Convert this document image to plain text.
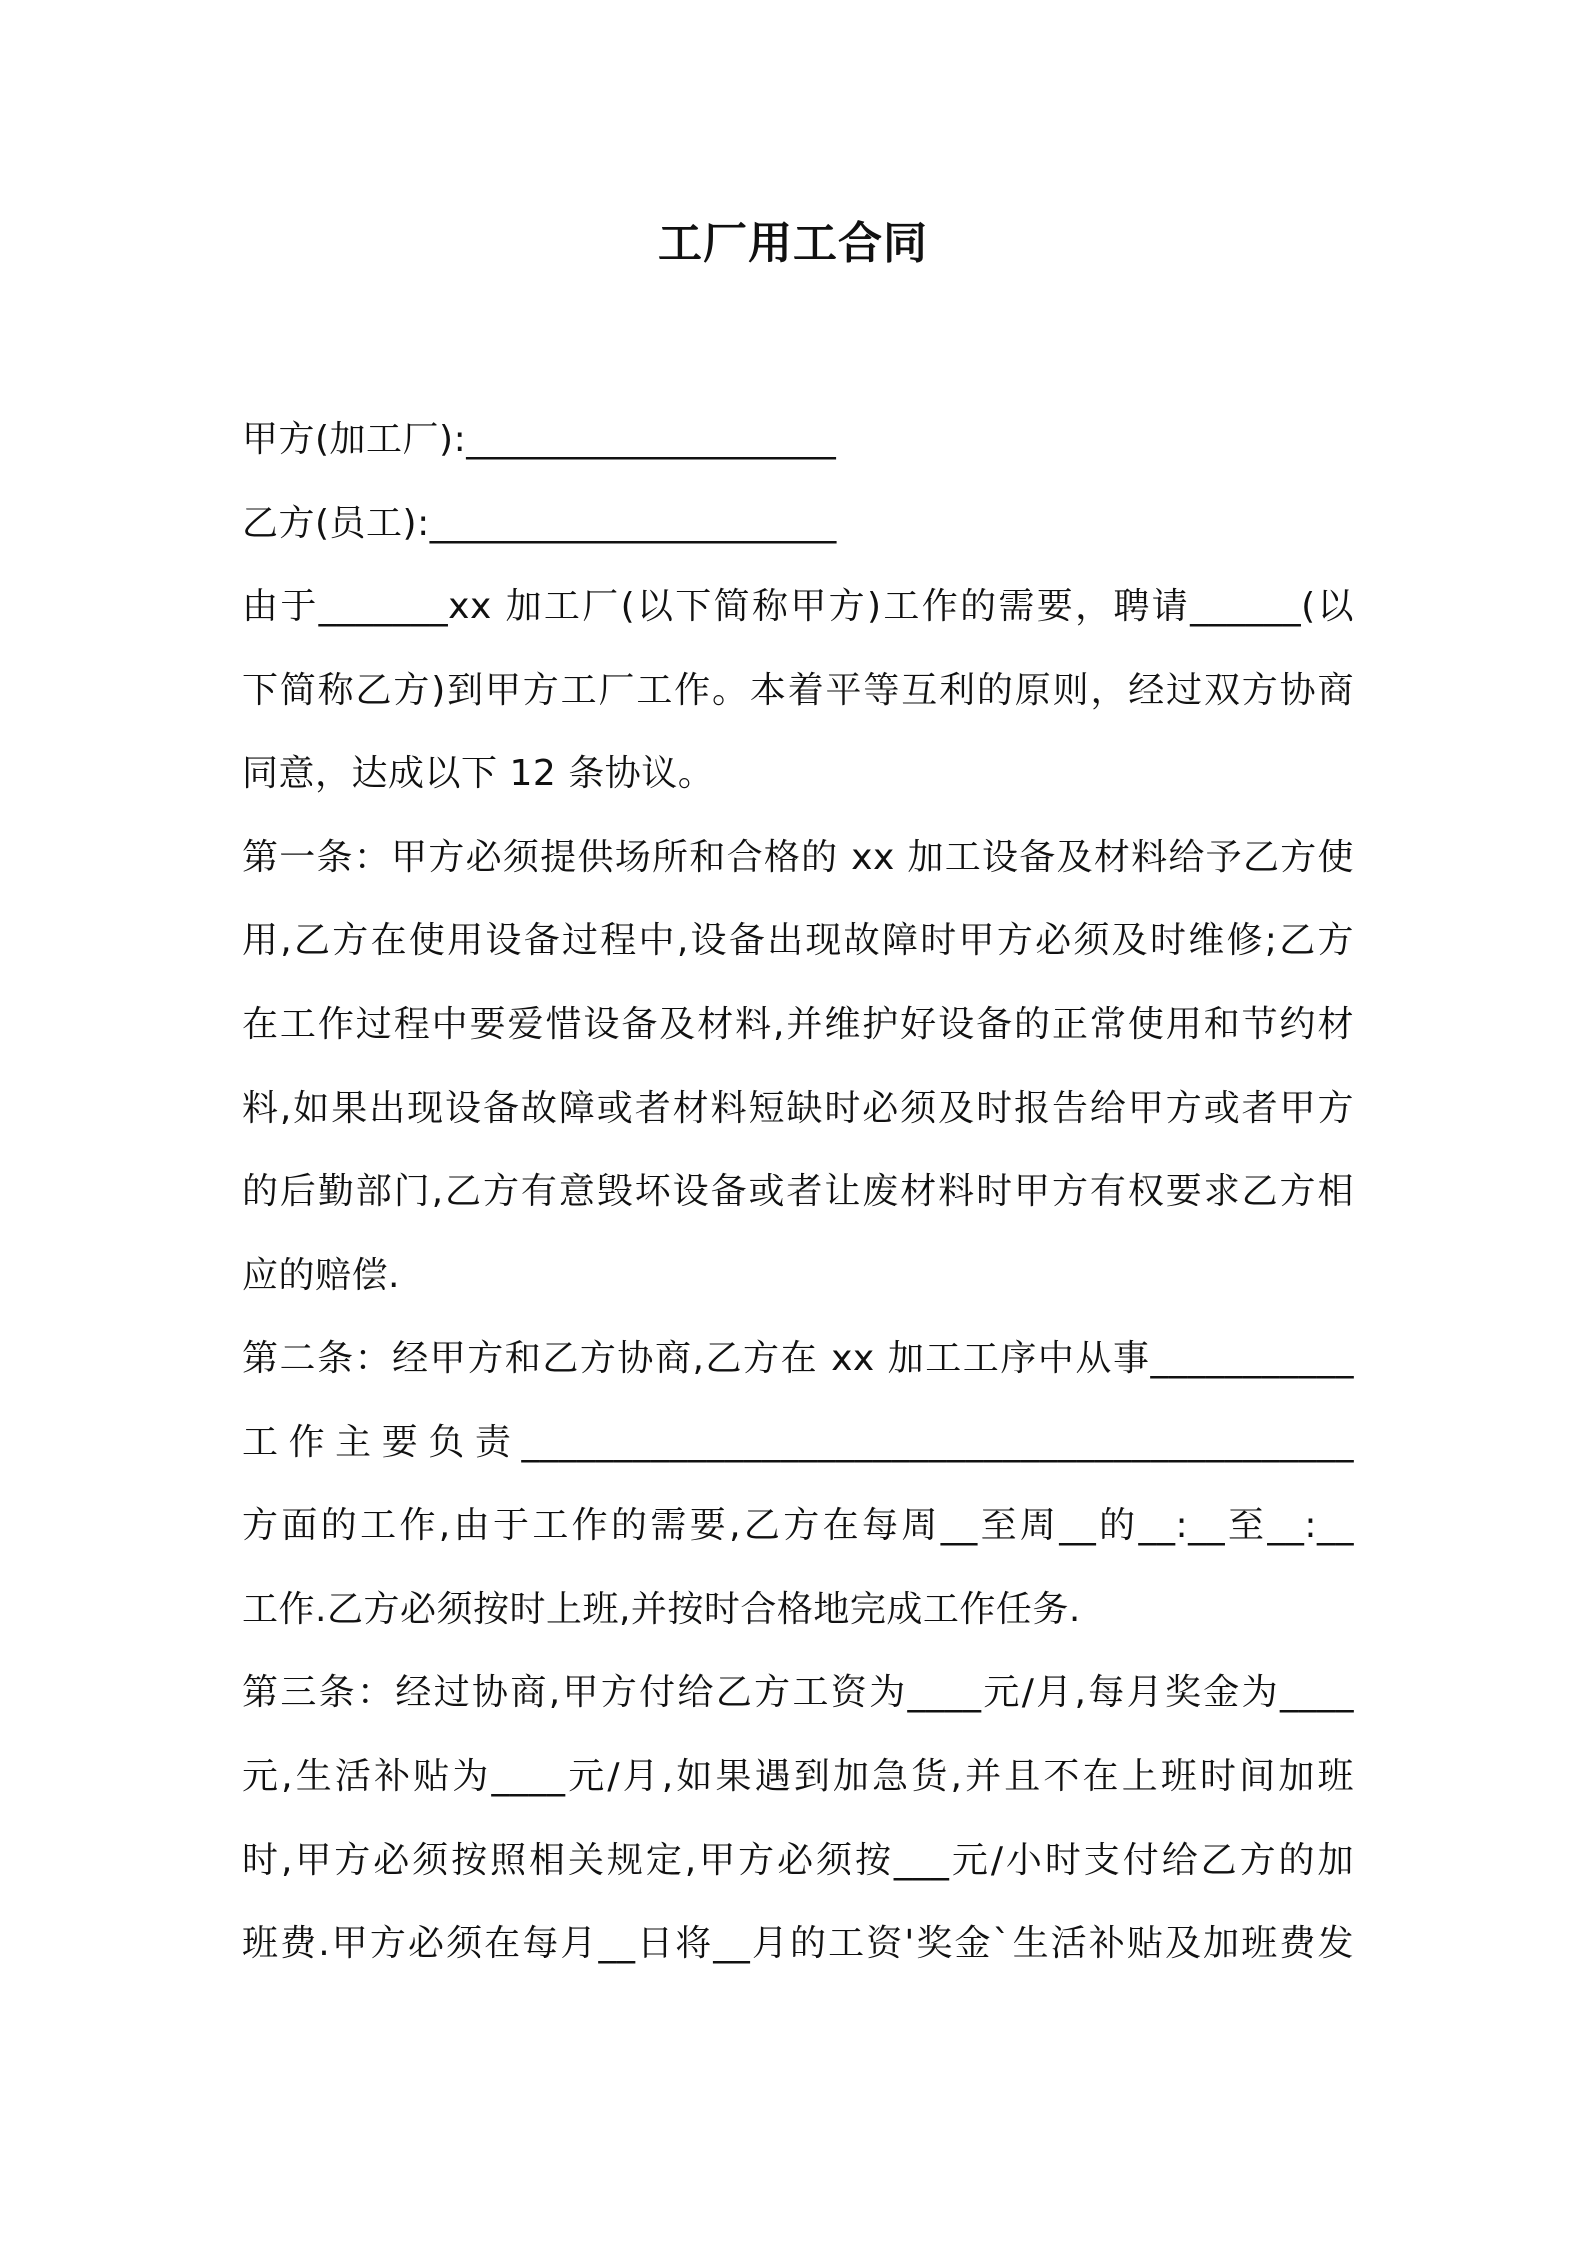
工厂用工合同
甲方(加工厂):____________________
乙方(员工):______________________
由于_______xx 加工厂(以下简称甲方)工作的需要，聘请______(以
下简称乙方)到甲方工厂工作。本着平等互利的原则，经过双方协商
同意，达成以下 12 条协议。
第一条：甲方必须提供场所和合格的 xx 加工设备及材料给予乙方使
用,乙方在使用设备过程中,设备出现故障时甲方必须及时维修;乙方
在工作过程中要爱惜设备及材料,并维护好设备的正常使用和节约材
料,如果出现设备故障或者材料短缺时必须及时报告给甲方或者甲方
的后勤部门,乙方有意毁坏设备或者让废材料时甲方有权要求乙方相
应的赔偿.
第二条：经甲方和乙方协商,乙方在 xx 加工工序中从事___________
工作主要负责_____________________________________________
方面的工作,由于工作的需要,乙方在每周__至周__的__:__至__:__
工作.乙方必须按时上班,并按时合格地完成工作任务.
第三条：经过协商,甲方付给乙方工资为____元/月,每月奖金为____
元,生活补贴为____元/月,如果遇到加急货,并且不在上班时间加班
时,甲方必须按照相关规定,甲方必须按___元/小时支付给乙方的加
班费.甲方必须在每月__日将__月的工资'奖金`生活补贴及加班费发
